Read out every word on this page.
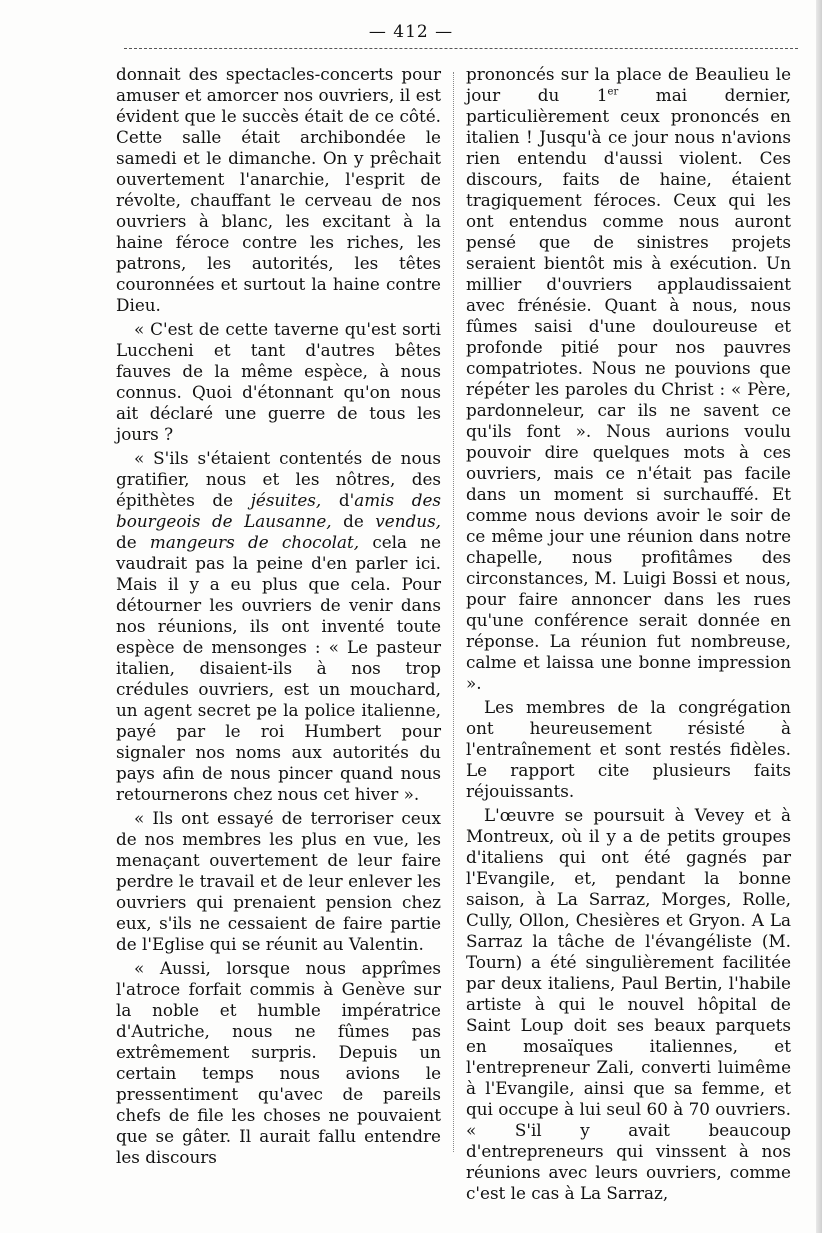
— 412 —

donnait des spectacles-concerts pour amuser et amorcer nos ouvriers, il est évident que le succès était de ce côté. Cette salle était archibondée le samedi et le dimanche. On y prêchait ouvertement l'anarchie, l'esprit de révolte, chauffant le cerveau de nos ouvriers à blanc, les excitant à la haine féroce contre les riches, les patrons, les autorités, les têtes couronnées et surtout la haine contre Dieu.

« C'est de cette taverne qu'est sorti Luccheni et tant d'autres bêtes fauves de la même espèce, à nous connus. Quoi d'étonnant qu'on nous ait déclaré une guerre de tous les jours ?

« S'ils s'étaient contentés de nous gratifier, nous et les nôtres, des épithètes de jésuites, d'amis des bourgeois de Lausanne, de vendus, de mangeurs de chocolat, cela ne vaudrait pas la peine d'en parler ici. Mais il y a eu plus que cela. Pour détourner les ouvriers de venir dans nos réunions, ils ont inventé toute espèce de mensonges : « Le pasteur italien, disaient-ils à nos trop crédules ouvriers, est un mouchard, un agent secret pe la police italienne, payé par le roi Humbert pour signaler nos noms aux autorités du pays afin de nous pincer quand nous retournerons chez nous cet hiver ».

« Ils ont essayé de terroriser ceux de nos membres les plus en vue, les menaçant ouvertement de leur faire perdre le travail et de leur enlever les ouvriers qui prenaient pension chez eux, s'ils ne cessaient de faire partie de l'Eglise qui se réunit au Valentin.

« Aussi, lorsque nous apprîmes l'atroce forfait commis à Genève sur la noble et humble impératrice d'Autriche, nous ne fûmes pas extrêmement surpris. Depuis un certain temps nous avions le pressentiment qu'avec de pareils chefs de file les choses ne pouvaient que se gâter. Il aurait fallu entendre les discours

prononcés sur la place de Beaulieu le jour du 1er mai dernier, particulièrement ceux prononcés en italien ! Jusqu'à ce jour nous n'avions rien entendu d'aussi violent. Ces discours, faits de haine, étaient tragiquement féroces. Ceux qui les ont entendus comme nous auront pensé que de sinistres projets seraient bientôt mis à exécution. Un millier d'ouvriers applaudissaient avec frénésie. Quant à nous, nous fûmes saisi d'une douloureuse et profonde pitié pour nos pauvres compatriotes. Nous ne pouvions que répéter les paroles du Christ : « Père, pardonneleur, car ils ne savent ce qu'ils font ». Nous aurions voulu pouvoir dire quelques mots à ces ouvriers, mais ce n'était pas facile dans un moment si surchauffé. Et comme nous devions avoir le soir de ce même jour une réunion dans notre chapelle, nous profitâmes des circonstances, M. Luigi Bossi et nous, pour faire annoncer dans les rues qu'une conférence serait donnée en réponse. La réunion fut nombreuse, calme et laissa une bonne impression ».

Les membres de la congrégation ont heureusement résisté à l'entraînement et sont restés fidèles. Le rapport cite plusieurs faits réjouissants.

L'œuvre se poursuit à Vevey et à Montreux, où il y a de petits groupes d'italiens qui ont été gagnés par l'Evangile, et, pendant la bonne saison, à La Sarraz, Morges, Rolle, Cully, Ollon, Chesières et Gryon. A La Sarraz la tâche de l'évangéliste (M. Tourn) a été singulièrement facilitée par deux italiens, Paul Bertin, l'habile artiste à qui le nouvel hôpital de Saint Loup doit ses beaux parquets en mosaïques italiennes, et l'entrepreneur Zali, converti luimême à l'Evangile, ainsi que sa femme, et qui occupe à lui seul 60 à 70 ouvriers. « S'il y avait beaucoup d'entrepreneurs qui vinssent à nos réunions avec leurs ouvriers, comme c'est le cas à La Sarraz,
